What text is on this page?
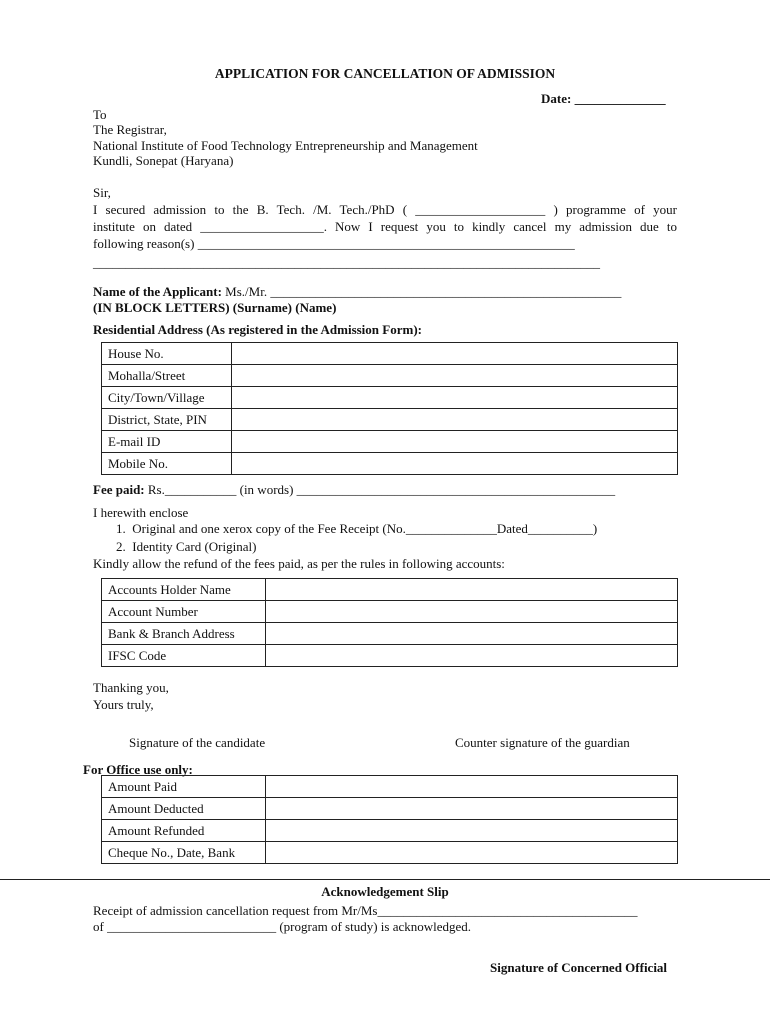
APPLICATION FOR CANCELLATION OF ADMISSION
Date: ______________
To
The Registrar,
National Institute of Food Technology Entrepreneurship and Management
Kundli, Sonepat (Haryana)
Sir,
I secured admission to the B. Tech. /M. Tech./PhD ( ____________________ ) programme of your
institute on dated ___________________. Now I request you to kindly cancel my admission due to
following reason(s) __________________________________________________________
______________________________________________________________________________
Name of the Applicant: Ms./Mr. ______________________________________________________
(IN BLOCK LETTERS) (Surname) (Name)
Residential Address (As registered in the Admission Form):
House No.	
Mohalla/Street	
City/Town/Village	
District, State, PIN	
E-mail ID	
Mobile No.	
Fee paid: Rs.___________ (in words) _________________________________________________
I herewith enclose
1.  Original and one xerox copy of the Fee Receipt (No.______________Dated__________)
2.  Identity Card (Original)
Kindly allow the refund of the fees paid, as per the rules in following accounts:
Accounts Holder Name	
Account Number	
Bank & Branch Address	
IFSC Code	
Thanking you,
Yours truly,
Signature of the candidate	Counter signature of the guardian
For Office use only:
Amount Paid	
Amount Deducted	
Amount Refunded	
Cheque No., Date, Bank	
Acknowledgement Slip
Receipt of admission cancellation request from Mr/Ms________________________________________
of __________________________ (program of study) is acknowledged.
Signature of Concerned Official
